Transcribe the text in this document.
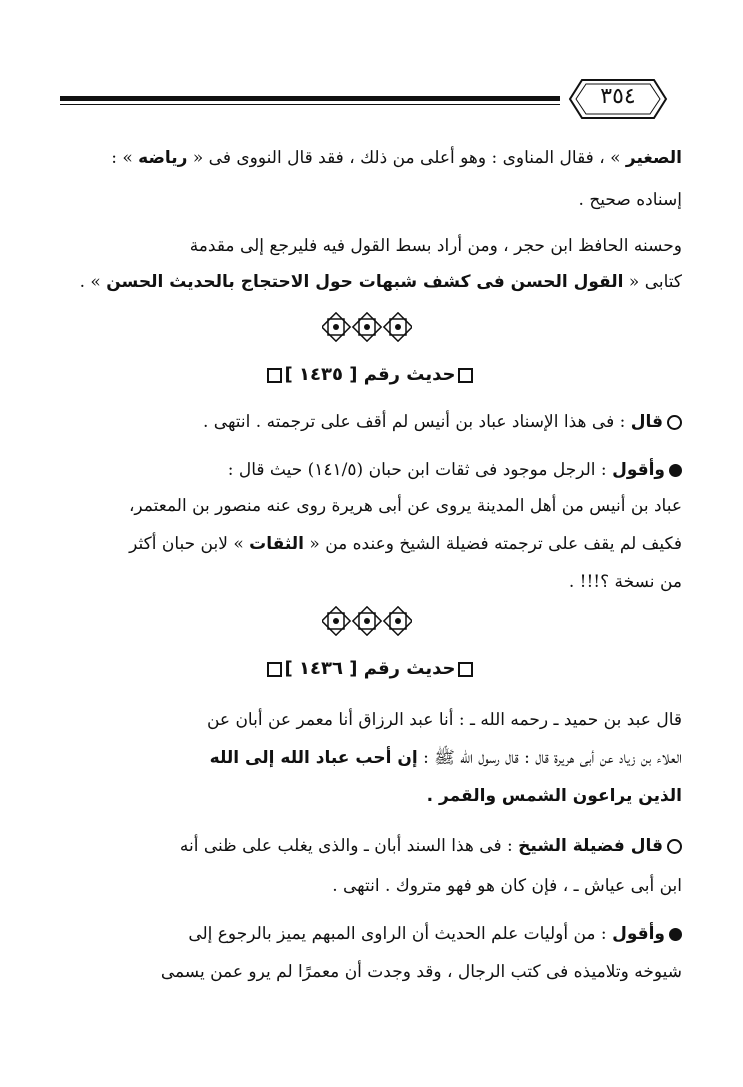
٣٥٤
الصغير » ، فقال المناوى : وهو أعلى من ذلك ، فقد قال النووى فى « رياضه » :
إسناده صحيح .
وحسنه الحافظ ابن حجر ، ومن أراد بسط القول فيه فليرجع إلى مقدمة
كتابى « القول الحسن فى كشف شبهات حول الاحتجاج بالحديث الحسن » .
حديث رقم [ ١٤٣٥ ]
قال : فى هذا الإسناد عباد بن أنيس لم أقف على ترجمته . انتهى .
وأقول : الرجل موجود فى ثقات ابن حبان (١٤١/٥) حيث قال :
عباد بن أنيس من أهل المدينة يروى عن أبى هريرة روى عنه منصور بن المعتمر،
فكيف لم يقف على ترجمته فضيلة الشيخ وعنده من « الثقات » لابن حبان أكثر
من نسخة ؟!!! .
حديث رقم [ ١٤٣٦ ]
قال عبد بن حميد ـ رحمه الله ـ : أنا عبد الرزاق أنا معمر عن أبان عن
العلاء بن زياد عن أبى هريرة قال : قال رسول الله ﷺ : إن أحب عباد الله إلى الله
الذين يراعون الشمس والقمر .
قال فضيلة الشيخ : فى هذا السند أبان ـ والذى يغلب على ظنى أنه
ابن أبى عياش ـ ، فإن كان هو فهو متروك . انتهى .
وأقول : من أوليات علم الحديث أن الراوى المبهم يميز بالرجوع إلى
شيوخه وتلاميذه فى كتب الرجال ، وقد وجدت أن معمرًا لم يرو عمن يسمى
